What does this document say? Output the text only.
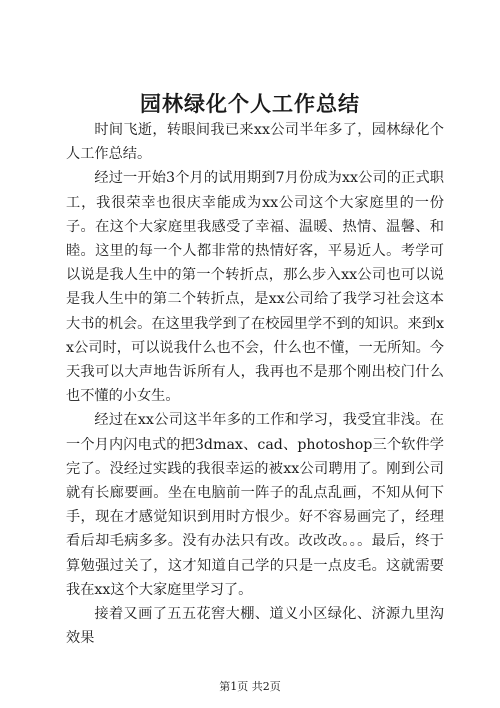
园林绿化个人工作总结

时间飞逝，转眼间我已来xx公司半年多了，园林绿化个人工作总结。

经过一开始3个月的试用期到7月份成为xx公司的正式职工，我很荣幸也很庆幸能成为xx公司这个大家庭里的一份子。在这个大家庭里我感受了幸福、温暖、热情、温馨、和睦。这里的每一个人都非常的热情好客，平易近人。考学可以说是我人生中的第一个转折点，那么步入xx公司也可以说是我人生中的第二个转折点，是xx公司给了我学习社会这本大书的机会。在这里我学到了在校园里学不到的知识。来到xx公司时，可以说我什么也不会，什么也不懂，一无所知。今天我可以大声地告诉所有人，我再也不是那个刚出校门什么也不懂的小女生。

经过在xx公司这半年多的工作和学习，我受宜非浅。在一个月内闪电式的把3dmax、cad、photoshop三个软件学完了。没经过实践的我很幸运的被xx公司聘用了。刚到公司就有长廊要画。坐在电脑前一阵子的乱点乱画，不知从何下手，现在才感觉知识到用时方恨少。好不容易画完了，经理看后却毛病多多。没有办法只有改。改改改。。。最后，终于算勉强过关了，这才知道自己学的只是一点皮毛。这就需要我在xx这个大家庭里学习了。

接着又画了五五花窖大棚、道义小区绿化、济源九里沟效果

第1页 共2页
